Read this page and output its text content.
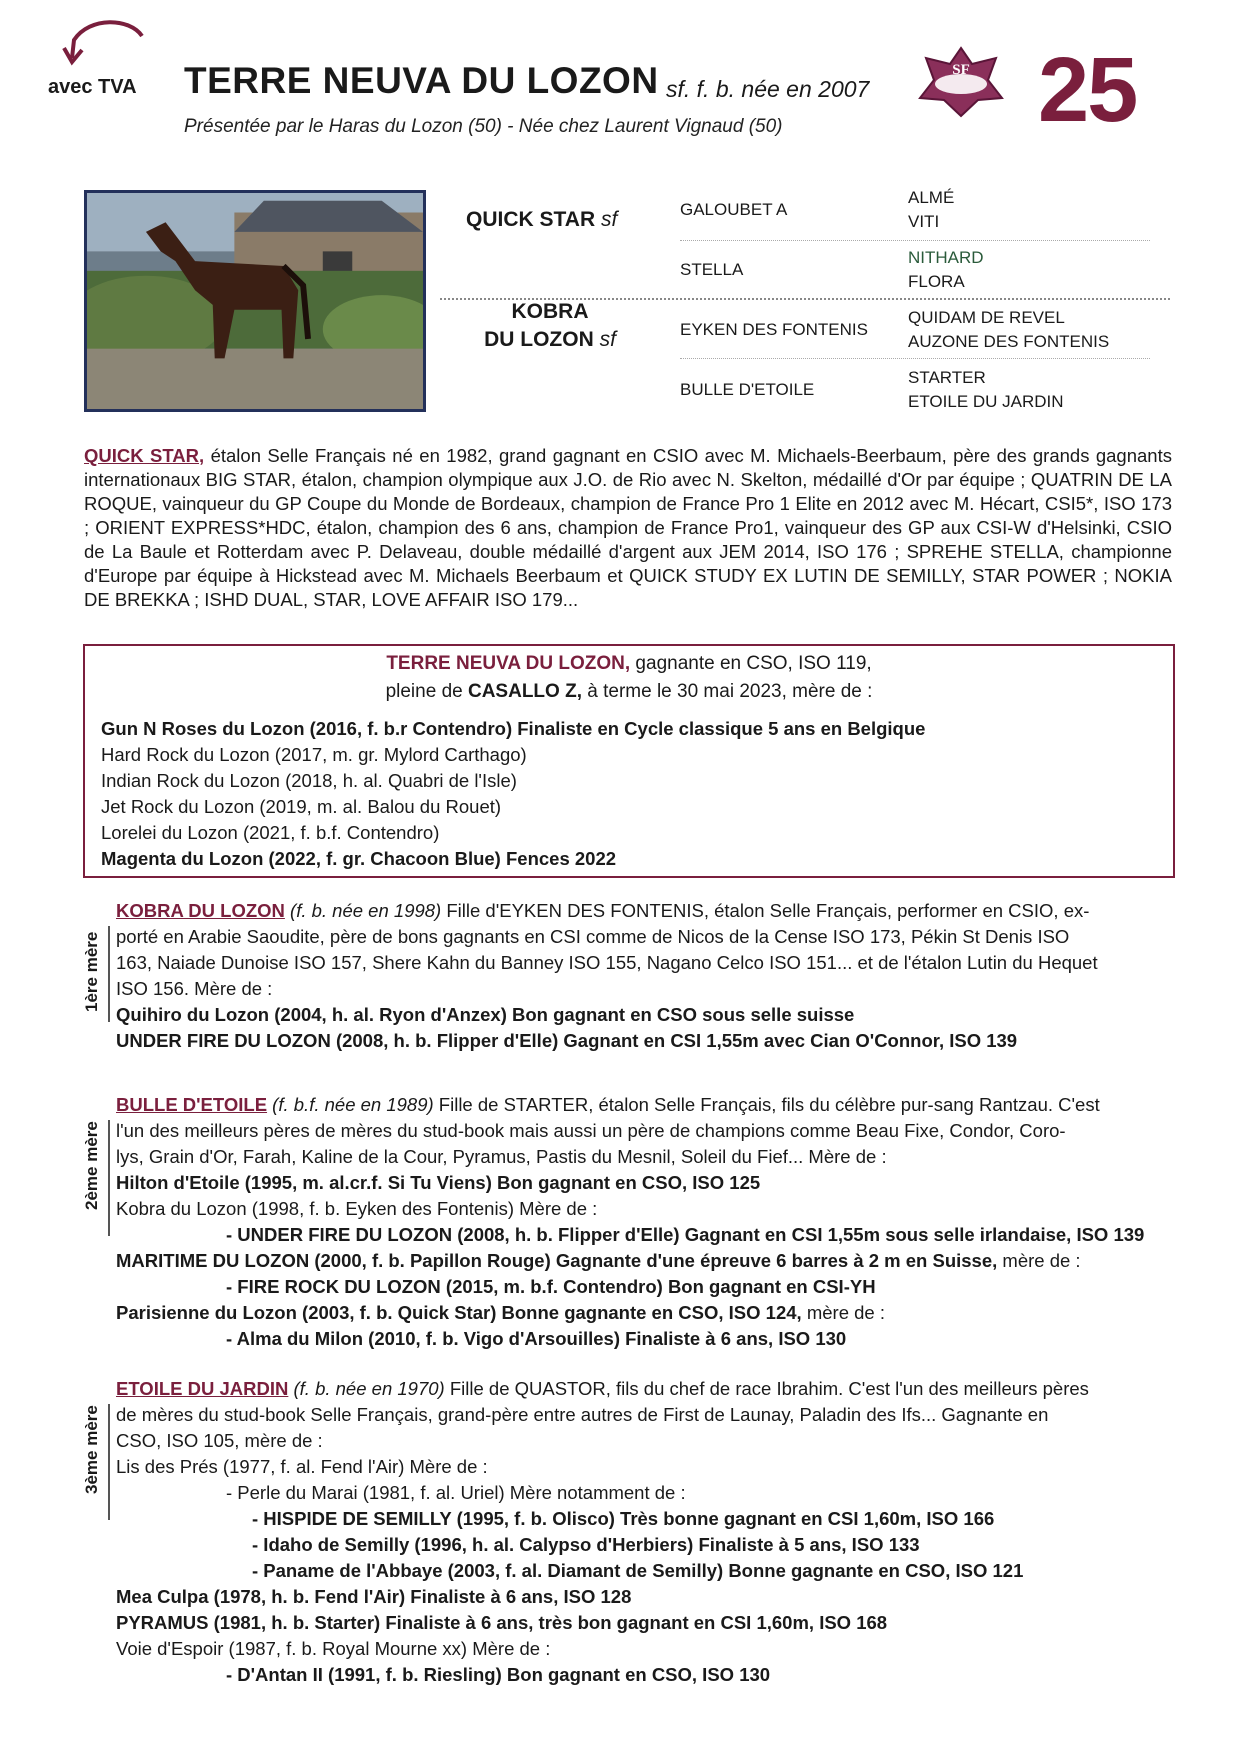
avec TVA TERRE NEUVA DU LOZON sf. f. b. née en 2007
Présentée par le Haras du Lozon (50) - Née chez Laurent Vignaud (50)
SF 25
QUICK STAR sf
KOBRA
DU LOZON sf
GALOUBET A
STELLA
EYKEN DES FONTENIS
BULLE D'ETOILE
ALMÉ
VITI
NITHARD
FLORA
QUIDAM DE REVEL
AUZONE DES FONTENIS
STARTER
ETOILE DU JARDIN

QUICK STAR, étalon Selle Français né en 1982, grand gagnant en CSIO avec M. Michaels-Beerbaum, père des grands gagnants internationaux BIG STAR, étalon, champion olympique aux J.O. de Rio avec N. Skelton, médaillé d'Or par équipe ; QUATRIN DE LA ROQUE, vainqueur du GP Coupe du Monde de Bordeaux, champion de France Pro 1 Elite en 2012 avec M. Hécart, CSI5*, ISO 173 ; ORIENT EXPRESS*HDC, étalon, champion des 6 ans, champion de France Pro1, vainqueur des GP aux CSI-W d'Helsinki, CSIO de La Baule et Rotterdam avec P. Delaveau, double médaillé d'argent aux JEM 2014, ISO 176 ; SPREHE STELLA, championne d'Europe par équipe à Hickstead avec M. Michaels Beerbaum et QUICK STUDY EX LUTIN DE SEMILLY, STAR POWER ; NOKIA DE BREKKA ; ISHD DUAL, STAR, LOVE AFFAIR ISO 179...

TERRE NEUVA DU LOZON, gagnante en CSO, ISO 119,
pleine de CASALLO Z, à terme le 30 mai 2023, mère de :
Gun N Roses du Lozon (2016, f. b.r Contendro) Finaliste en Cycle classique 5 ans en Belgique
Hard Rock du Lozon (2017, m. gr. Mylord Carthago)
Indian Rock du Lozon (2018, h. al. Quabri de l'Isle)
Jet Rock du Lozon (2019, m. al. Balou du Rouet)
Lorelei du Lozon (2021, f. b.f. Contendro)
Magenta du Lozon (2022, f. gr. Chacoon Blue) Fences 2022
1ère mère

KOBRA DU LOZON (f. b. née en 1998) Fille d'EYKEN DES FONTENIS, étalon Selle Français, performer en CSIO, ex-

porté en Arabie Saoudite, père de bons gagnants en CSI comme de Nicos de la Cense ISO 173, Pékin St Denis ISO

163, Naiade Dunoise ISO 157, Shere Kahn du Banney ISO 155, Nagano Celco ISO 151... et de l'étalon Lutin du Hequet

ISO 156. Mère de :

Quihiro du Lozon (2004, h. al. Ryon d'Anzex) Bon gagnant en CSO sous selle suisse

UNDER FIRE DU LOZON (2008, h. b. Flipper d'Elle) Gagnant en CSI 1,55m avec Cian O'Connor, ISO 139

2ème mère

BULLE D'ETOILE (f. b.f. née en 1989) Fille de STARTER, étalon Selle Français, fils du célèbre pur-sang Rantzau. C'est

l'un des meilleurs pères de mères du stud-book mais aussi un père de champions comme Beau Fixe, Condor, Coro-

lys, Grain d'Or, Farah, Kaline de la Cour, Pyramus, Pastis du Mesnil, Soleil du Fief... Mère de :

Hilton d'Etoile (1995, m. al.cr.f. Si Tu Viens) Bon gagnant en CSO, ISO 125

Kobra du Lozon (1998, f. b. Eyken des Fontenis) Mère de :

- UNDER FIRE DU LOZON (2008, h. b. Flipper d'Elle) Gagnant en CSI 1,55m sous selle irlandaise, ISO 139

MARITIME DU LOZON (2000, f. b. Papillon Rouge) Gagnante d'une épreuve 6 barres à 2 m en Suisse, mère de :

- FIRE ROCK DU LOZON (2015, m. b.f. Contendro) Bon gagnant en CSI-YH

Parisienne du Lozon (2003, f. b. Quick Star) Bonne gagnante en CSO, ISO 124, mère de :

- Alma du Milon (2010, f. b. Vigo d'Arsouilles) Finaliste à 6 ans, ISO 130

3ème mère

ETOILE DU JARDIN (f. b. née en 1970) Fille de QUASTOR, fils du chef de race Ibrahim. C'est l'un des meilleurs pères

de mères du stud-book Selle Français, grand-père entre autres de First de Launay, Paladin des Ifs... Gagnante en

CSO, ISO 105, mère de :

Lis des Prés (1977, f. al. Fend l'Air) Mère de :

- Perle du Marai (1981, f. al. Uriel) Mère notamment de :

- HISPIDE DE SEMILLY (1995, f. b. Olisco) Très bonne gagnant en CSI 1,60m, ISO 166

- Idaho de Semilly (1996, h. al. Calypso d'Herbiers) Finaliste à 5 ans, ISO 133

- Paname de l'Abbaye (2003, f. al. Diamant de Semilly) Bonne gagnante en CSO, ISO 121

Mea Culpa (1978, h. b. Fend l'Air) Finaliste à 6 ans, ISO 128

PYRAMUS (1981, h. b. Starter) Finaliste à 6 ans, très bon gagnant en CSI 1,60m, ISO 168

Voie d'Espoir (1987, f. b. Royal Mourne xx) Mère de :

- D'Antan II (1991, f. b. Riesling) Bon gagnant en CSO, ISO 130
